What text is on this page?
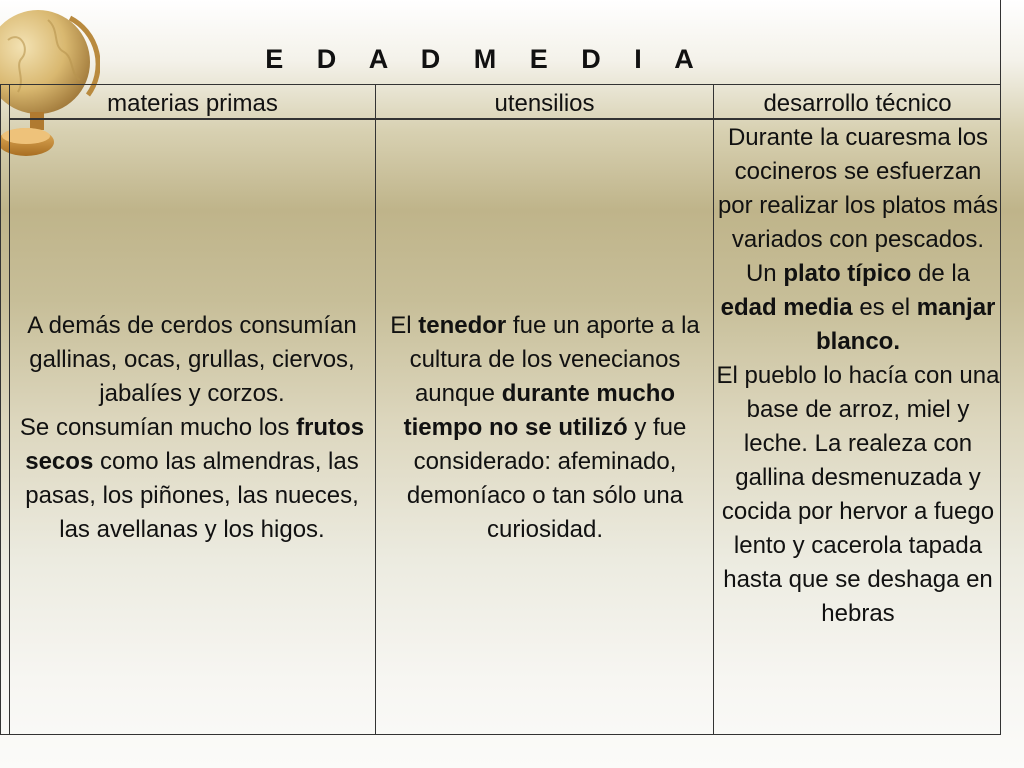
E D A D M E D I A
materias primas	utensilios	desarrollo técnico

A demás de cerdos consumían gallinas, ocas, grullas, ciervos, jabalíes y corzos.

Se consumían mucho los frutos secos como las almendras, las pasas, los piñones, las nueces, las avellanas y los higos.

El tenedor fue un aporte a la cultura de los venecianos aunque durante mucho tiempo no se utilizó y fue considerado: afeminado, demoníaco o tan sólo una curiosidad.

Durante la cuaresma los cocineros se esfuerzan por realizar los platos más variados con pescados.

Un plato típico de la edad media es el manjar blanco.

El pueblo lo hacía con una base de arroz, miel y leche. La realeza con gallina desmenuzada y cocida por hervor a fuego lento y cacerola tapada hasta que se deshaga en hebras
